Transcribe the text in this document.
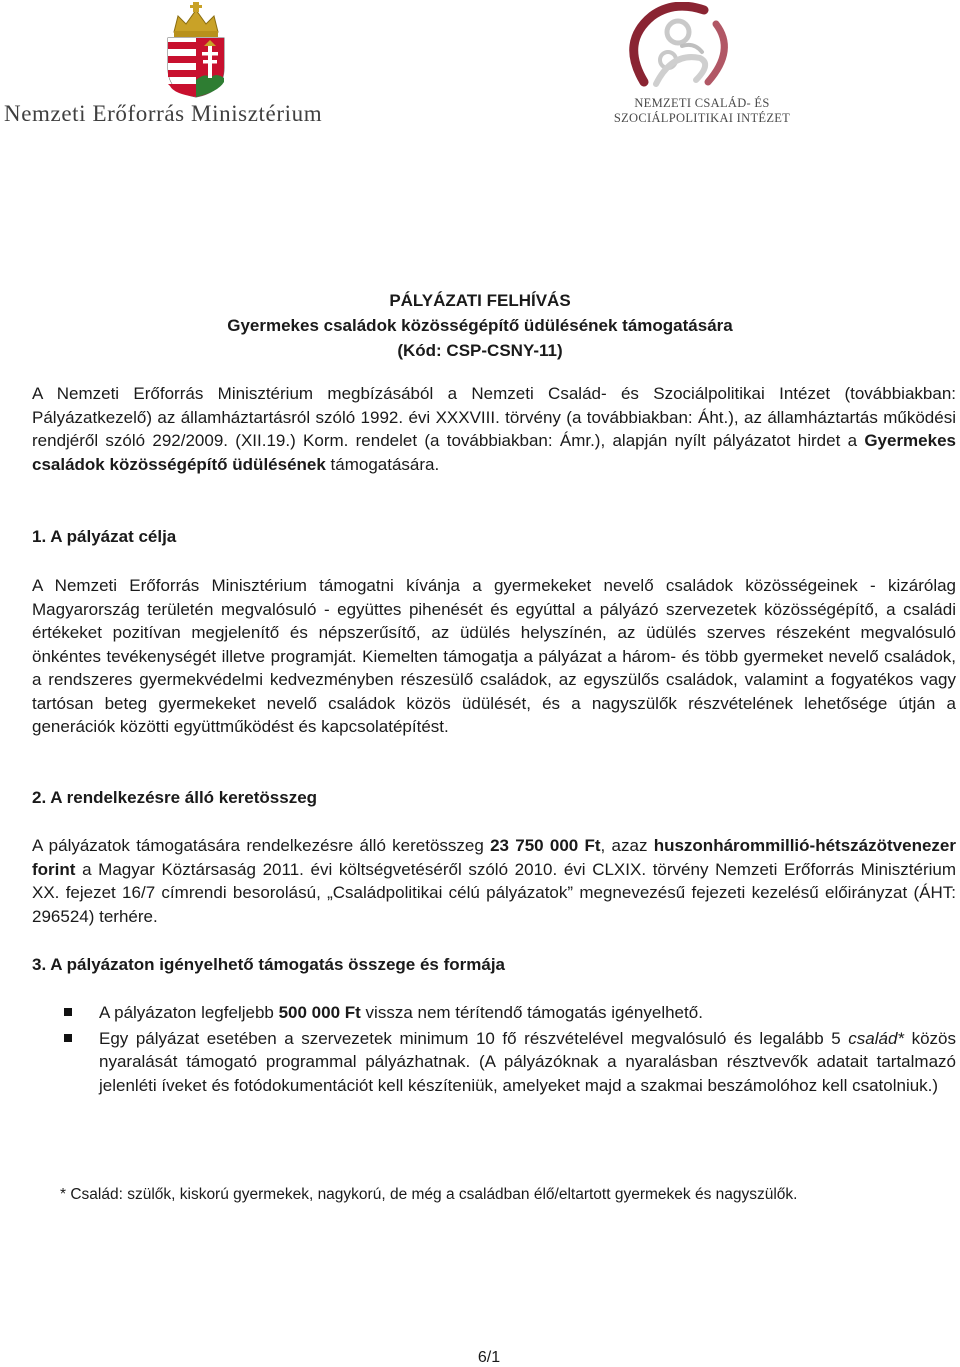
Nemzeti Erőforrás Minisztérium	NEMZETI CSALÁD- ÉS
SZOCIÁLPOLITIKAI INTÉZET
PÁLYÁZATI FELHÍVÁS
Gyermekes családok közösségépítő üdülésének támogatására
(Kód: CSP-CSNY-11)
A Nemzeti Erőforrás Minisztérium megbízásából a Nemzeti Család- és Szociálpolitikai Intézet (továbbiakban: Pályázatkezelő) az államháztartásról szóló 1992. évi XXXVIII. törvény (a továbbiakban: Áht.), az államháztartás működési rendjéről szóló 292/2009. (XII.19.) Korm. rendelet (a továbbiakban: Ámr.), alapján nyílt pályázatot hirdet a Gyermekes családok közösségépítő üdülésének támogatására.
1. A pályázat célja
A Nemzeti Erőforrás Minisztérium támogatni kívánja a gyermekeket nevelő családok közösségeinek - kizárólag Magyarország területén megvalósuló - együttes pihenését és egyúttal a pályázó szervezetek közösségépítő, a családi értékeket pozitívan megjelenítő és népszerűsítő, az üdülés helyszínén, az üdülés szerves részeként megvalósuló önkéntes tevékenységét illetve programját. Kiemelten támogatja a pályázat a három- és több gyermeket nevelő családok, a rendszeres gyermekvédelmi kedvezményben részesülő családok, az egyszülős családok, valamint a fogyatékos vagy tartósan beteg gyermekeket nevelő családok közös üdülését, és a nagyszülők részvételének lehetősége útján a generációk közötti együttműködést és kapcsolatépítést.
2. A rendelkezésre álló keretösszeg
A pályázatok támogatására rendelkezésre álló keretösszeg 23 750 000 Ft, azaz huszonhárommillió-hétszázötvenezer forint a Magyar Köztársaság 2011. évi költségvetéséről szóló 2010. évi CLXIX. törvény Nemzeti Erőforrás Minisztérium XX. fejezet 16/7 címrendi besorolású, „Családpolitikai célú pályázatok” megnevezésű fejezeti kezelésű előirányzat (ÁHT: 296524) terhére.
3. A pályázaton igényelhető támogatás összege és formája
A pályázaton legfeljebb 500 000 Ft vissza nem térítendő támogatás igényelhető.
Egy pályázat esetében a szervezetek minimum 10 fő részvételével megvalósuló és legalább 5 család* közös nyaralását támogató programmal pályázhatnak. (A pályázóknak a nyaralásban résztvevők adatait tartalmazó jelenléti íveket és fotódokumentációt kell készíteniük, amelyeket majd a szakmai beszámolóhoz kell csatolniuk.)
* Család: szülők, kiskorú gyermekek, nagykorú, de még a családban élő/eltartott gyermekek és nagyszülők.
6/1
